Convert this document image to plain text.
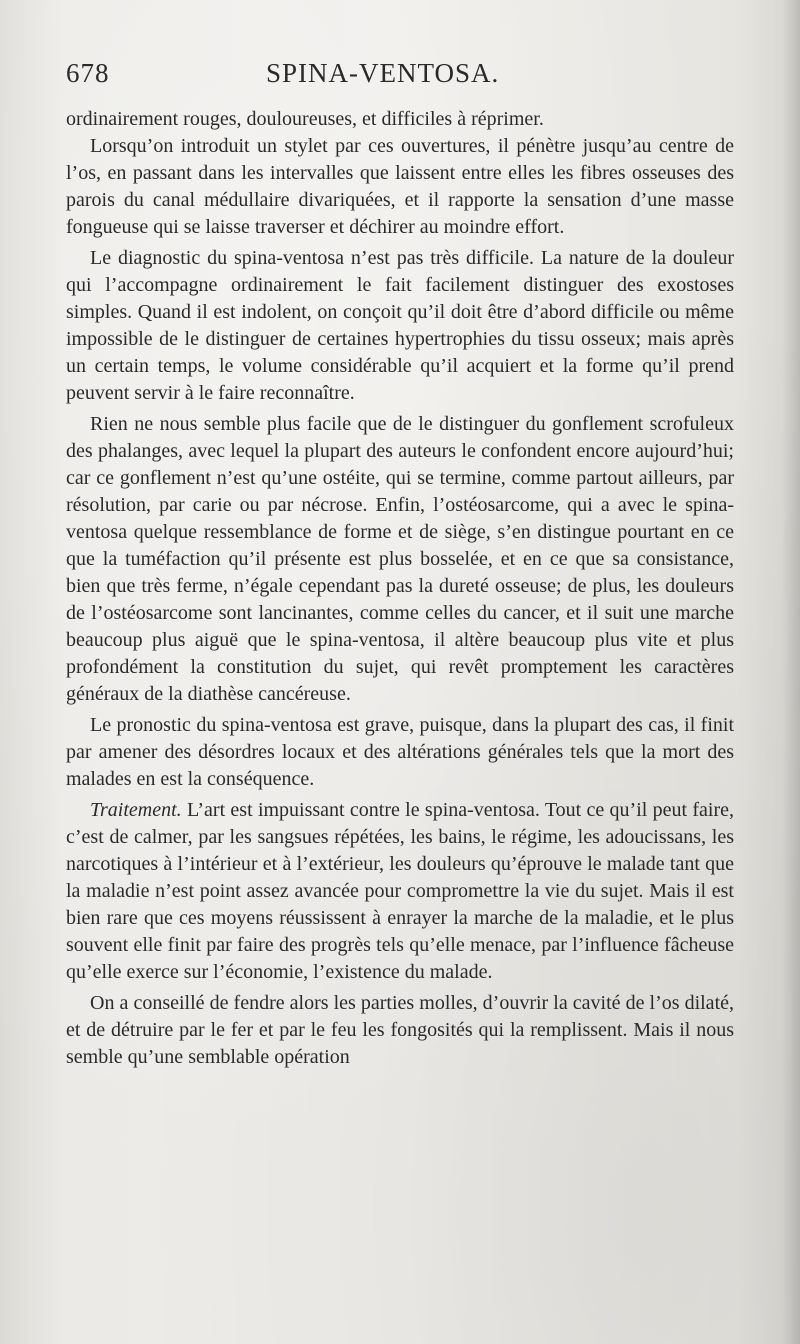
678	SPINA-VENTOSA.

ordinairement rouges, douloureuses, et difficiles à réprimer.

Lorsqu’on introduit un stylet par ces ouvertures, il pénètre jusqu’au centre de l’os, en passant dans les intervalles que laissent entre elles les fibres osseuses des parois du canal médullaire divariquées, et il rapporte la sensation d’une masse fongueuse qui se laisse traverser et déchirer au moindre effort.

Le diagnostic du spina-ventosa n’est pas très difficile. La nature de la douleur qui l’accompagne ordinairement le fait facilement distinguer des exostoses simples. Quand il est indolent, on conçoit qu’il doit être d’abord difficile ou même impossible de le distinguer de certaines hypertrophies du tissu osseux; mais après un certain temps, le volume considérable qu’il acquiert et la forme qu’il prend peuvent servir à le faire reconnaître.

Rien ne nous semble plus facile que de le distinguer du gonflement scrofuleux des phalanges, avec lequel la plupart des auteurs le confondent encore aujourd’hui; car ce gonflement n’est qu’une ostéite, qui se termine, comme partout ailleurs, par résolution, par carie ou par nécrose. Enfin, l’ostéosarcome, qui a avec le spina-ventosa quelque ressemblance de forme et de siège, s’en distingue pourtant en ce que la tuméfaction qu’il présente est plus bosselée, et en ce que sa consistance, bien que très ferme, n’égale cependant pas la dureté osseuse; de plus, les douleurs de l’ostéosarcome sont lancinantes, comme celles du cancer, et il suit une marche beaucoup plus aiguë que le spina-ventosa, il altère beaucoup plus vite et plus profondément la constitution du sujet, qui revêt promptement les caractères généraux de la diathèse cancéreuse.

Le pronostic du spina-ventosa est grave, puisque, dans la plupart des cas, il finit par amener des désordres locaux et des altérations générales tels que la mort des malades en est la conséquence.

Traitement. L’art est impuissant contre le spina-ventosa. Tout ce qu’il peut faire, c’est de calmer, par les sangsues répétées, les bains, le régime, les adoucissans, les narcotiques à l’intérieur et à l’extérieur, les douleurs qu’éprouve le malade tant que la maladie n’est point assez avancée pour compromettre la vie du sujet. Mais il est bien rare que ces moyens réussissent à enrayer la marche de la maladie, et le plus souvent elle finit par faire des progrès tels qu’elle menace, par l’influence fâcheuse qu’elle exerce sur l’économie, l’existence du malade.

On a conseillé de fendre alors les parties molles, d’ouvrir la cavité de l’os dilaté, et de détruire par le fer et par le feu les fongosités qui la remplissent. Mais il nous semble qu’une semblable opération
